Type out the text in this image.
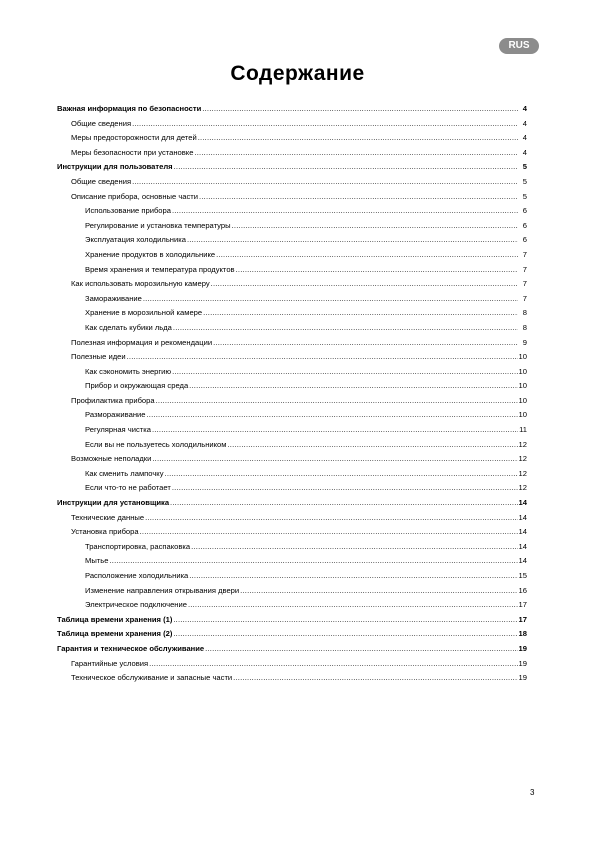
RUS
Содержание
Важная информация по безопасности .....	4
Общие сведения .....	4
Меры предосторожности для детей .....	4
Меры безопасности при установке .....	4
Инструкции для пользователя .....	5
Общие сведения .....	5
Описание прибора, основные части .....	5
Использование прибора .....	6
Регулирование и установка температуры .....	6
Эксплуатация холодильника .....	6
Хранение продуктов в холодильнике .....	7
Время хранения и температура продуктов .....	7
Как использовать морозильную камеру .....	7
Замораживание .....	7
Хранение в морозильной камере .....	8
Как сделать кубики льда .....	8
Полезная информация и рекомендации .....	9
Полезные идеи .....	10
Как сэкономить энергию .....	10
Прибор и окружающая среда .....	10
Профилактика прибора .....	10
Размораживание .....	10
Регулярная чистка .....	11
Если вы не пользуетесь холодильником .....	12
Возможные неполадки .....	12
Как сменить лампочку .....	12
Если что-то не работает .....	12
Инструкции для установщика .....	14
Технические данные .....	14
Установка прибора .....	14
Транспортировка, распаковка .....	14
Мытье .....	14
Расположение холодильника .....	15
Изменение направления открывания двери .....	16
Электрическое подключение .....	17
Таблица времени хранения (1) .....	17
Таблица времени хранения (2) .....	18
Гарантия и техническое обслуживание .....	19
Гарантийные условия .....	19
Техническое обслуживание и запасные части .....	19
3
